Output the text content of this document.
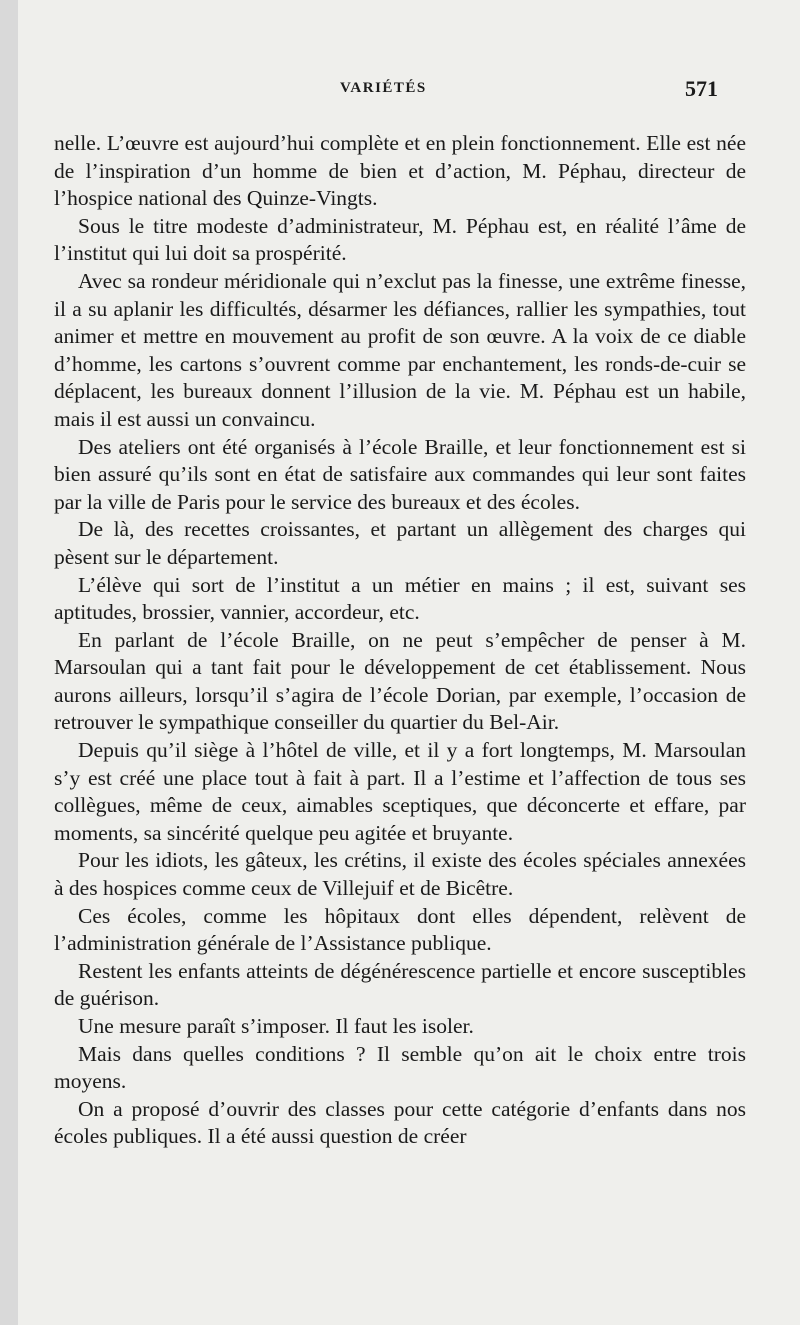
VARIÉTÉS	571

nelle. L’œuvre est aujourd’hui complète et en plein fonctionnement. Elle est née de l’inspiration d’un homme de bien et d’action, M. Péphau, directeur de l’hospice national des Quinze-Vingts.

Sous le titre modeste d’administrateur, M. Péphau est, en réalité l’âme de l’institut qui lui doit sa prospérité.

Avec sa rondeur méridionale qui n’exclut pas la finesse, une extrême finesse, il a su aplanir les difficultés, désarmer les défiances, rallier les sympathies, tout animer et mettre en mouvement au profit de son œuvre. A la voix de ce diable d’homme, les cartons s’ouvrent comme par enchantement, les ronds-de-cuir se déplacent, les bureaux donnent l’illusion de la vie. M. Péphau est un habile, mais il est aussi un convaincu.

Des ateliers ont été organisés à l’école Braille, et leur fonctionnement est si bien assuré qu’ils sont en état de satisfaire aux commandes qui leur sont faites par la ville de Paris pour le service des bureaux et des écoles.

De là, des recettes croissantes, et partant un allègement des charges qui pèsent sur le département.

L’élève qui sort de l’institut a un métier en mains ; il est, suivant ses aptitudes, brossier, vannier, accordeur, etc.

En parlant de l’école Braille, on ne peut s’empêcher de penser à M. Marsoulan qui a tant fait pour le développement de cet établissement. Nous aurons ailleurs, lorsqu’il s’agira de l’école Dorian, par exemple, l’occasion de retrouver le sympathique conseiller du quartier du Bel-Air.

Depuis qu’il siège à l’hôtel de ville, et il y a fort longtemps, M. Marsoulan s’y est créé une place tout à fait à part. Il a l’estime et l’affection de tous ses collègues, même de ceux, aimables sceptiques, que déconcerte et effare, par moments, sa sincérité quelque peu agitée et bruyante.

Pour les idiots, les gâteux, les crétins, il existe des écoles spéciales annexées à des hospices comme ceux de Villejuif et de Bicêtre.

Ces écoles, comme les hôpitaux dont elles dépendent, relèvent de l’administration générale de l’Assistance publique.

Restent les enfants atteints de dégénérescence partielle et encore susceptibles de guérison.

Une mesure paraît s’imposer. Il faut les isoler.

Mais dans quelles conditions ? Il semble qu’on ait le choix entre trois moyens.

On a proposé d’ouvrir des classes pour cette catégorie d’enfants dans nos écoles publiques. Il a été aussi question de créer
